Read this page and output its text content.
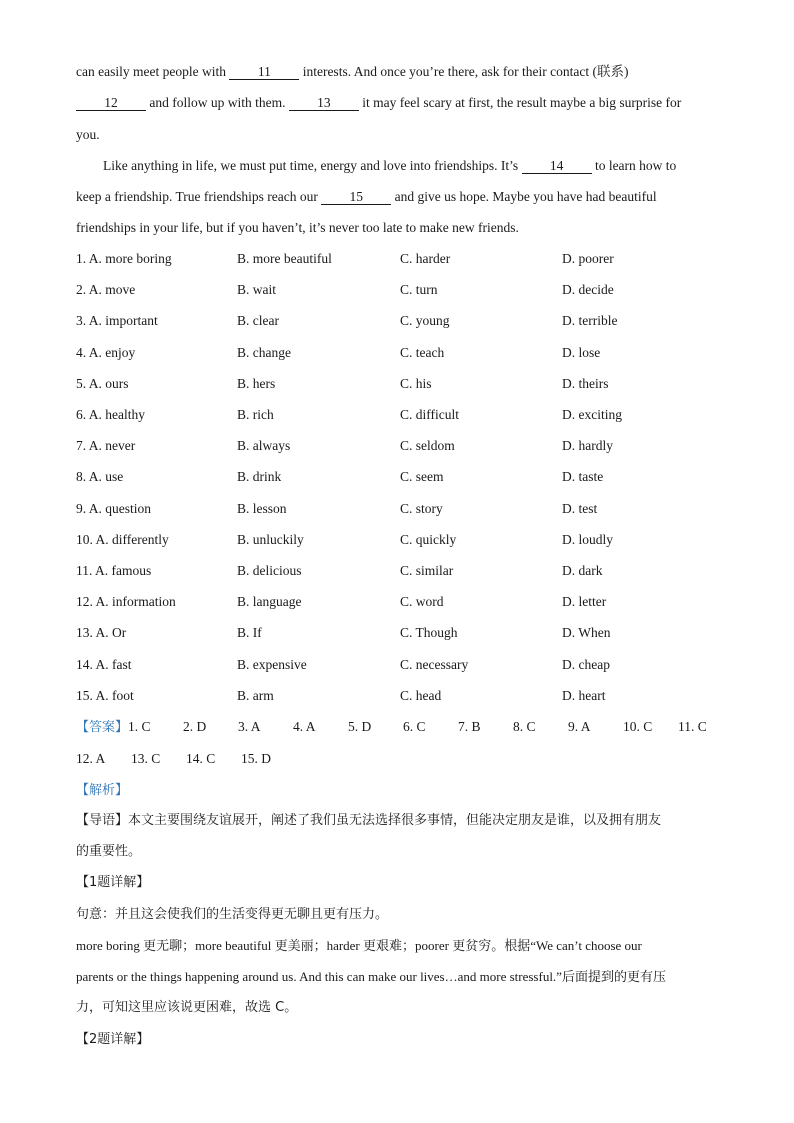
can easily meet people with 11 interests. And once you’re there, ask for their contact (联系)
12 and follow up with them. 13 it may feel scary at first, the result maybe a big surprise for
you.
Like anything in life, we must put time, energy and love into friendships. It’s 14 to learn how to
keep a friendship. True friendships reach our 15 and give us hope. Maybe you have had beautiful
friendships in your life, but if you haven’t, it’s never too late to make new friends.
1. A. more boring	B. more beautiful	C. harder	D. poorer
2. A. move	B. wait	C. turn	D. decide
3. A. important	B. clear	C. young	D. terrible
4. A. enjoy	B. change	C. teach	D. lose
5. A. ours	B. hers	C. his	D. theirs
6. A. healthy	B. rich	C. difficult	D. exciting
7. A. never	B. always	C. seldom	D. hardly
8. A. use	B. drink	C. seem	D. taste
9. A. question	B. lesson	C. story	D. test
10. A. differently	B. unluckily	C. quickly	D. loudly
11. A. famous	B. delicious	C. similar	D. dark
12. A. information	B. language	C. word	D. letter
13. A. Or	B. If	C. Though	D. When
14. A. fast	B. expensive	C. necessary	D. cheap
15. A. foot	B. arm	C. head	D. heart
【答案】1. C 2. D 3. A 4. A 5. D 6. C 7. B 8. C 9. A 10. C 11. C
12. A 13. C 14. C 15. D
【解析】
【导语】本文主要围绕友谊展开，阐述了我们虽无法选择很多事情，但能决定朋友是谁，以及拥有朋友
的重要性。
【1题详解】
句意：并且这会使我们的生活变得更无聊且更有压力。
more boring 更无聊；more beautiful 更美丽；harder 更艰难；poorer 更贫穷。根据“We can’t choose our
parents or the things happening around us. And this can make our lives…and more stressful.”后面提到的更有压
力，可知这里应该说更困难，故选 C。
【2题详解】
